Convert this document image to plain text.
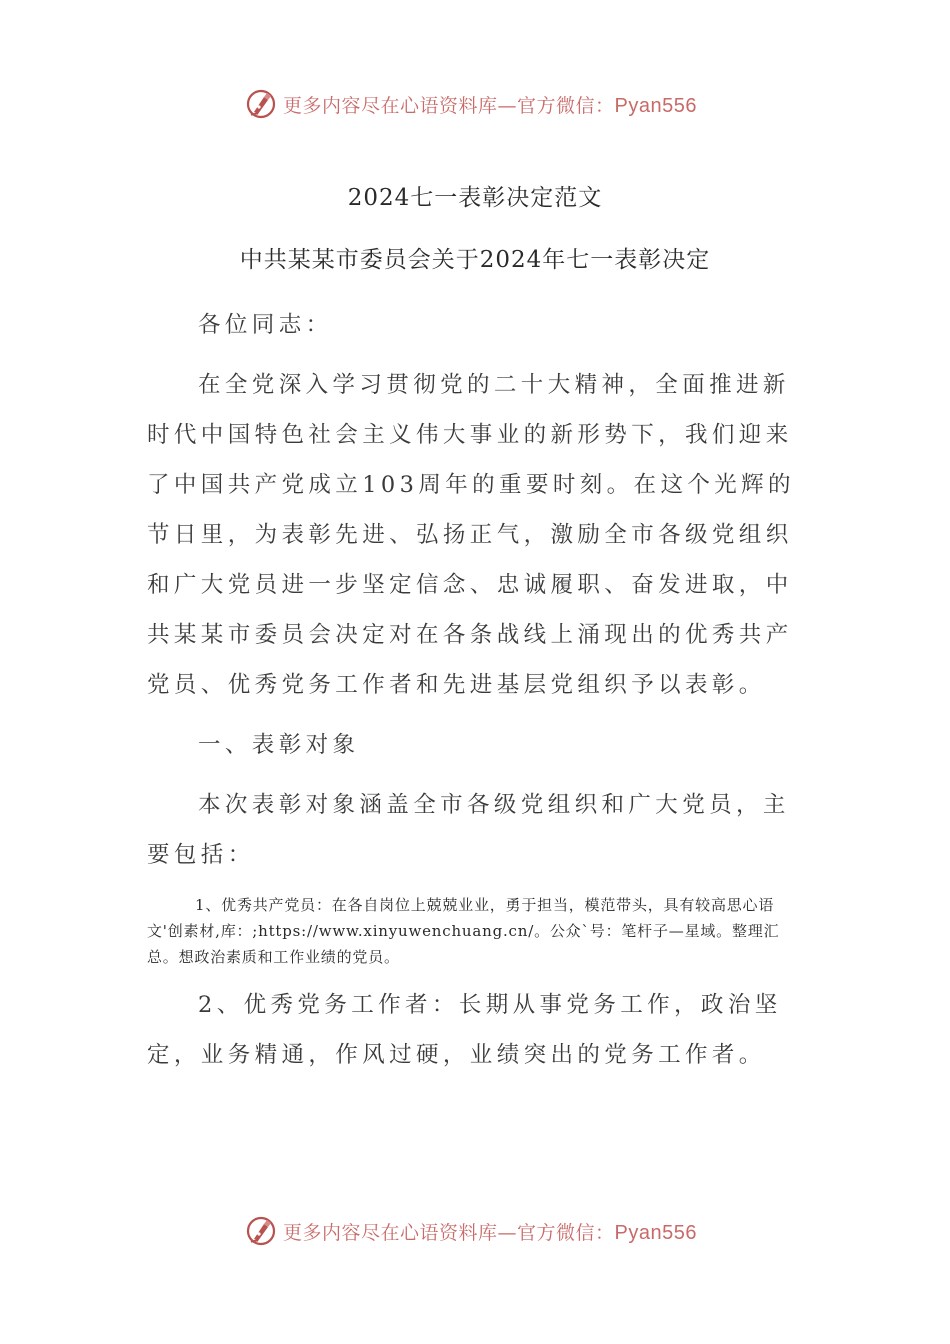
更多内容尽在心语资料库—官方微信：Pyan556
2024七一表彰决定范文
中共某某市委员会关于2024年七一表彰决定

各位同志：

在全党深入学习贯彻党的二十大精神，全面推进新时代中国特色社会主义伟大事业的新形势下，我们迎来了中国共产党成立103周年的重要时刻。在这个光辉的节日里，为表彰先进、弘扬正气，激励全市各级党组织和广大党员进一步坚定信念、忠诚履职、奋发进取，中共某某市委员会决定对在各条战线上涌现出的优秀共产党员、优秀党务工作者和先进基层党组织予以表彰。

一、表彰对象

本次表彰对象涵盖全市各级党组织和广大党员，主要包括：

1、优秀共产党员：在各自岗位上兢兢业业，勇于担当，模范带头，具有较高思心语文'创素材,库：;https://www.xinyuwenchuang.cn/。公众`号：笔杆子—星域。整理汇总。想政治素质和工作业绩的党员。

2、优秀党务工作者：长期从事党务工作，政治坚定，业务精通，作风过硬，业绩突出的党务工作者。

更多内容尽在心语资料库—官方微信：Pyan556
